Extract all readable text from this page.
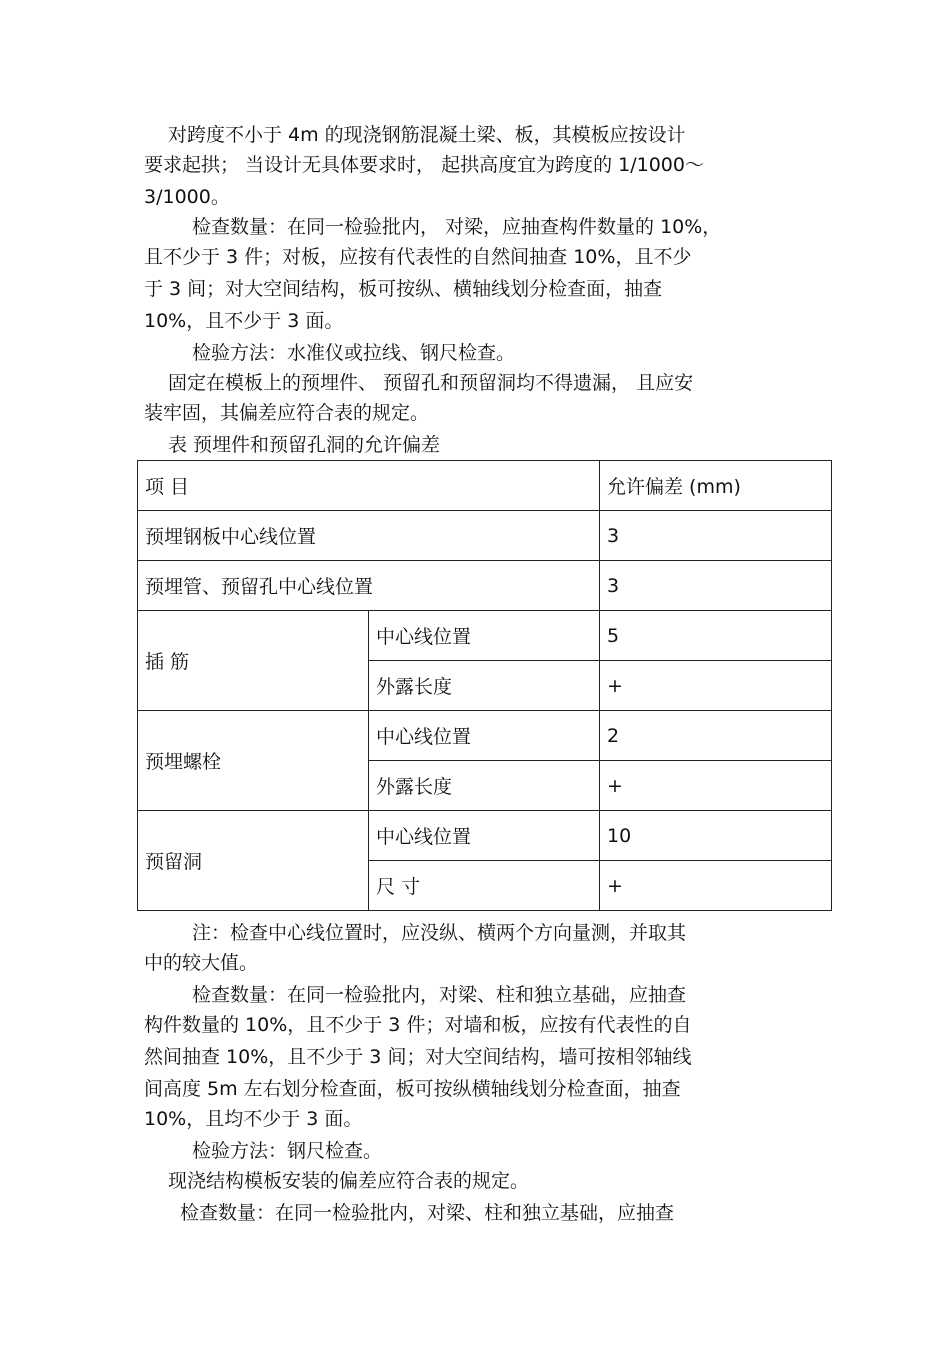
对跨度不小于 4m 的现浇钢筋混凝土梁、板，其模板应按设计
要求起拱； 当设计无具体要求时， 起拱高度宜为跨度的 1/1000～
3/1000。
检查数量：在同一检验批内， 对梁，应抽查构件数量的 10%，
且不少于 3 件；对板，应按有代表性的自然间抽查 10%，且不少
于 3 间；对大空间结构，板可按纵、横轴线划分检查面，抽查
10%，且不少于 3 面。
检验方法：水准仪或拉线、钢尺检查。
固定在模板上的预埋件、 预留孔和预留洞均不得遗漏， 且应安
装牢固，其偏差应符合表的规定。
表 预埋件和预留孔洞的允许偏差
项 目		允许偏差 (mm)
预埋钢板中心线位置		3
预埋管、预留孔中心线位置		3
插 筋	中心线位置	5
	外露长度	+
预埋螺栓	中心线位置	2
	外露长度	+
预留洞	中心线位置	10
	尺 寸	+
注：检查中心线位置时，应没纵、横两个方向量测，并取其
中的较大值。
检查数量：在同一检验批内，对梁、柱和独立基础，应抽查
构件数量的 10%，且不少于 3 件；对墙和板，应按有代表性的自
然间抽查 10%，且不少于 3 间；对大空间结构，墙可按相邻轴线
间高度 5m 左右划分检查面，板可按纵横轴线划分检查面，抽查
10%，且均不少于 3 面。
检验方法：钢尺检查。
现浇结构模板安装的偏差应符合表的规定。
检查数量：在同一检验批内，对梁、柱和独立基础，应抽查
